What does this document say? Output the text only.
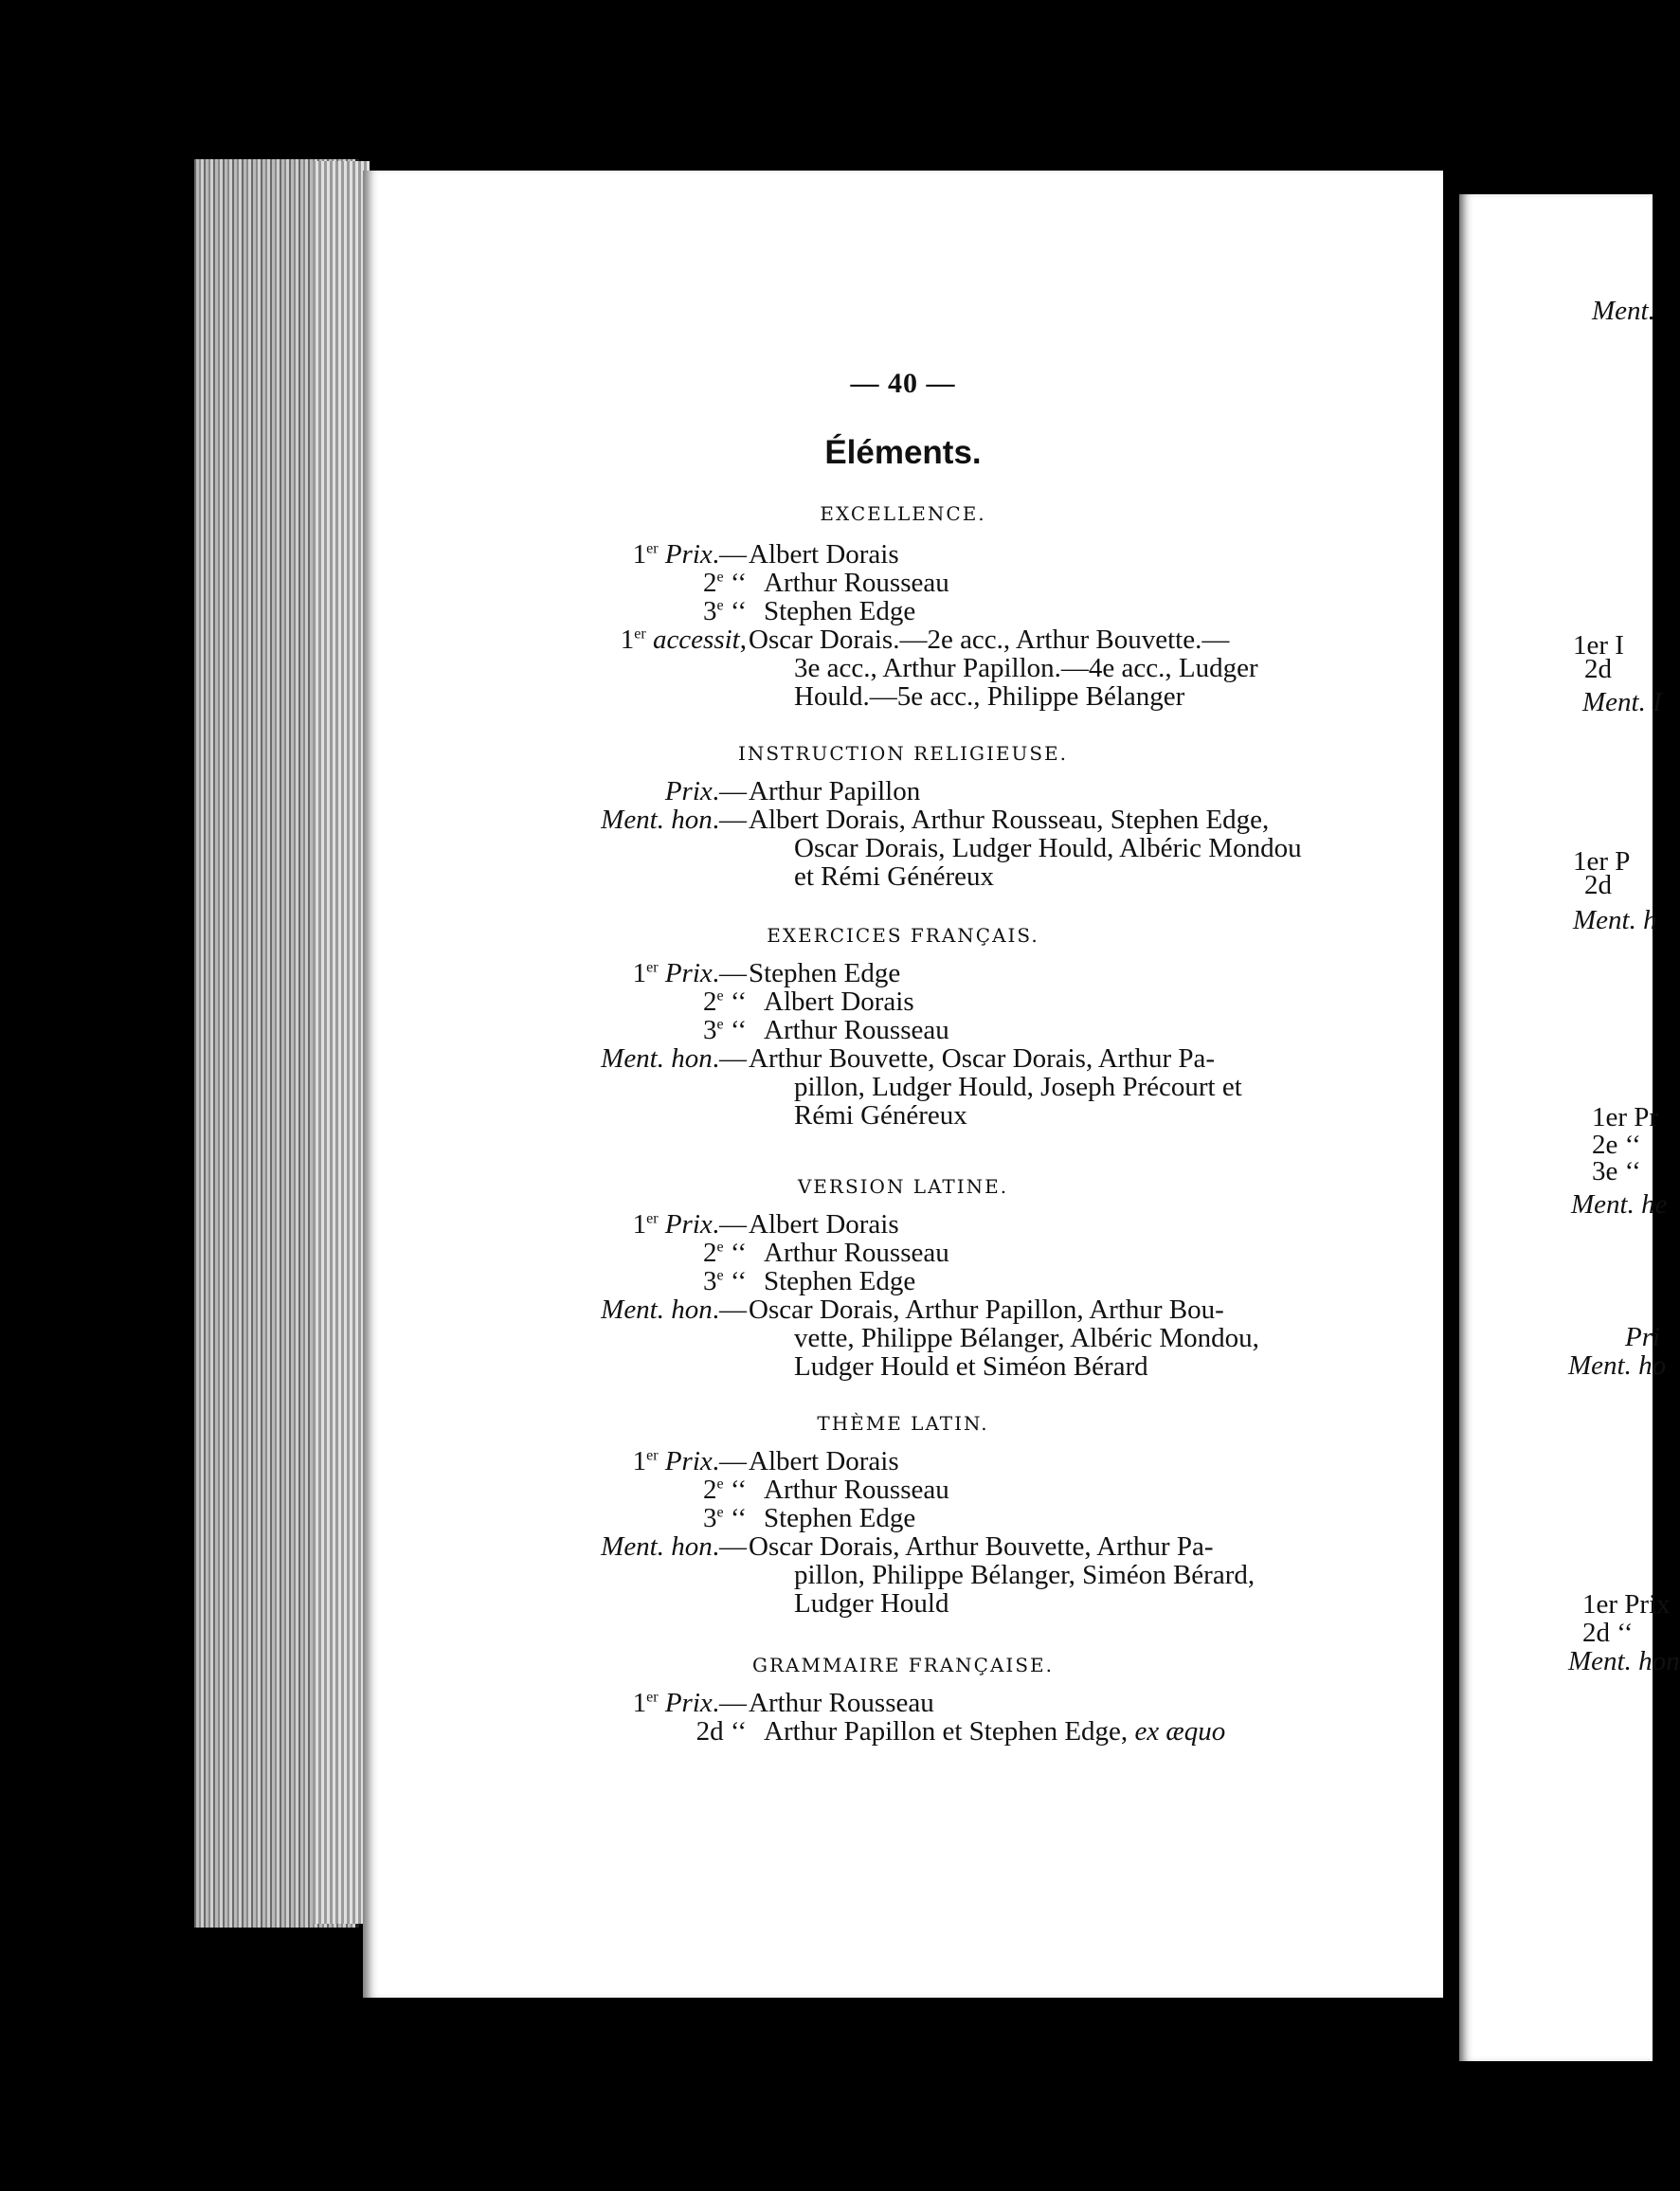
— 40 —
Éléments.
EXCELLENCE.
1er Prix.— Albert Dorais
2e ‘‘ Arthur Rousseau
3e ‘‘ Stephen Edge
1er accessit, Oscar Dorais.—2e acc., Arthur Bouvette.—
3e acc., Arthur Papillon.—4e acc., Ludger
Hould.—5e acc., Philippe Bélanger
INSTRUCTION RELIGIEUSE.
Prix.— Arthur Papillon
Ment. hon.— Albert Dorais, Arthur Rousseau, Stephen Edge,
Oscar Dorais, Ludger Hould, Albéric Mondou
et Rémi Généreux
EXERCICES FRANÇAIS.
1er Prix.— Stephen Edge
2e ‘‘ Albert Dorais
3e ‘‘ Arthur Rousseau
Ment. hon.— Arthur Bouvette, Oscar Dorais, Arthur Pa-
pillon, Ludger Hould, Joseph Précourt et
Rémi Généreux
VERSION LATINE.
1er Prix.— Albert Dorais
2e ‘‘ Arthur Rousseau
3e ‘‘ Stephen Edge
Ment. hon.— Oscar Dorais, Arthur Papillon, Arthur Bou-
vette, Philippe Bélanger, Albéric Mondou,
Ludger Hould et Siméon Bérard
THÈME LATIN.
1er Prix.— Albert Dorais
2e ‘‘ Arthur Rousseau
3e ‘‘ Stephen Edge
Ment. hon.— Oscar Dorais, Arthur Bouvette, Arthur Pa-
pillon, Philippe Bélanger, Siméon Bérard,
Ludger Hould
GRAMMAIRE FRANÇAISE.
1er Prix.— Arthur Rousseau
2d ‘‘ Arthur Papillon et Stephen Edge, ex æquo
Ment.
1er I
2d
Ment. I
1er P
2d
Ment. h
1er Pr
2e ‘‘
3e ‘‘
Ment. he
Pri
Ment. ho
1er Prix
2d ‘‘
Ment. hon
